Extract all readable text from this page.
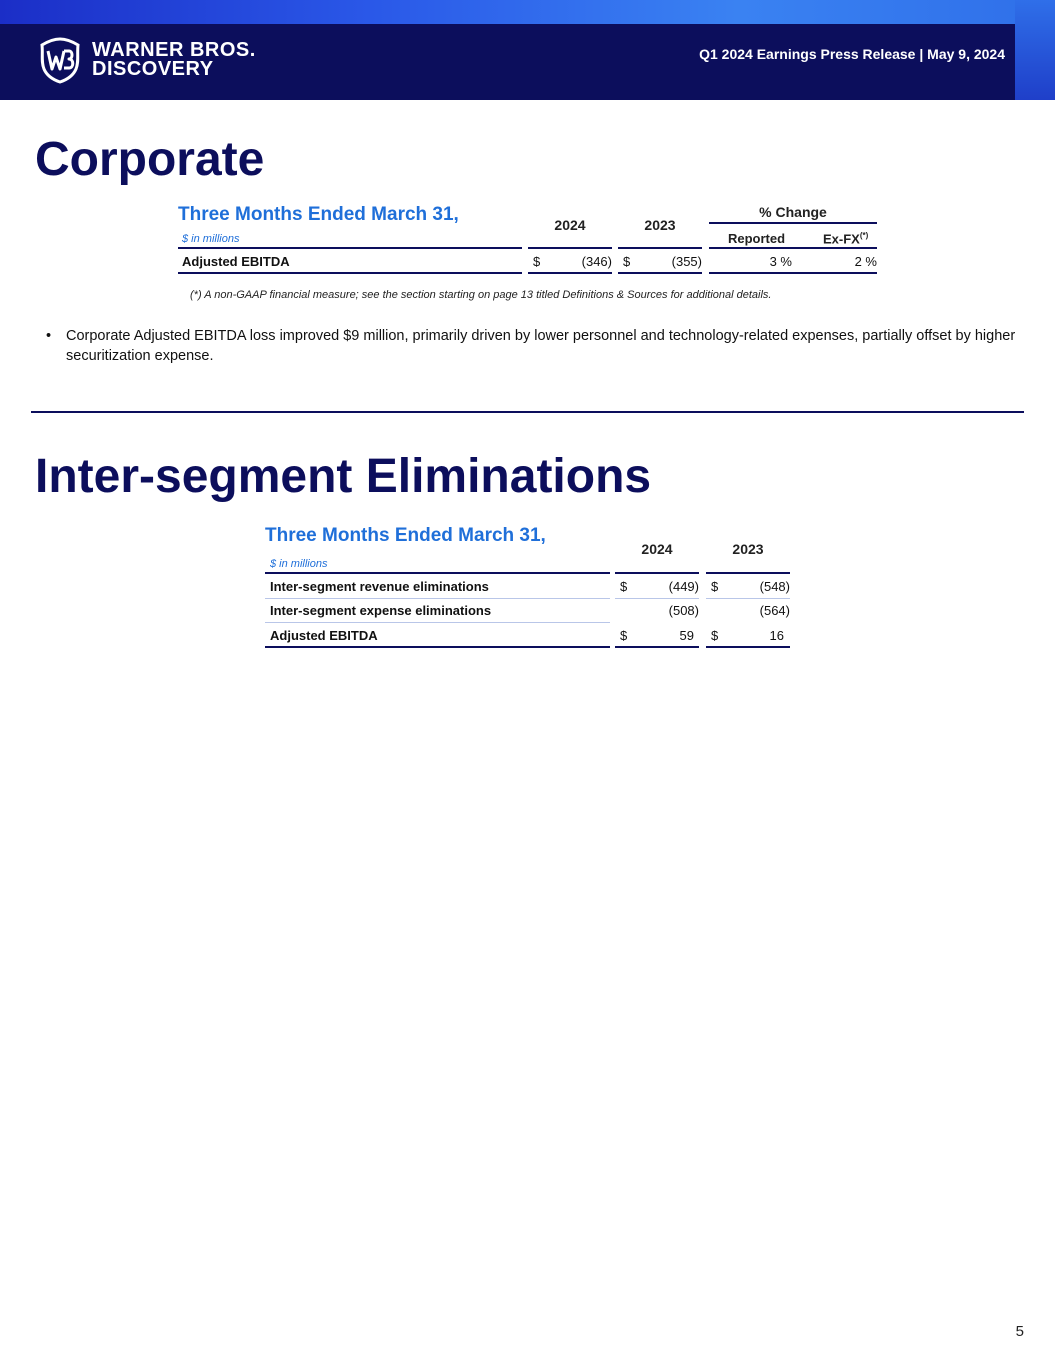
WARNER BROS.
DISCOVERY
Q1 2024 Earnings Press Release | May 9, 2024
Corporate
Three Months Ended March 31,
$ in millions
2024	2023
% Change
Reported	Ex-FX(*)
Adjusted EBITDA	$	(346) $	(355)	3 %	2 %
(*) A non-GAAP financial measure; see the section starting on page 13 titled Definitions & Sources for additional details.
•	Corporate Adjusted EBITDA loss improved $9 million, primarily driven by lower personnel and technology-related expenses, partially offset by higher securitization expense.
Inter-segment Eliminations
Three Months Ended March 31,
$ in millions
2024	2023
Inter-segment revenue eliminations	$	(449) $	(548)
Inter-segment expense eliminations	(508)	(564)
Adjusted EBITDA	$	59 $	16
5
